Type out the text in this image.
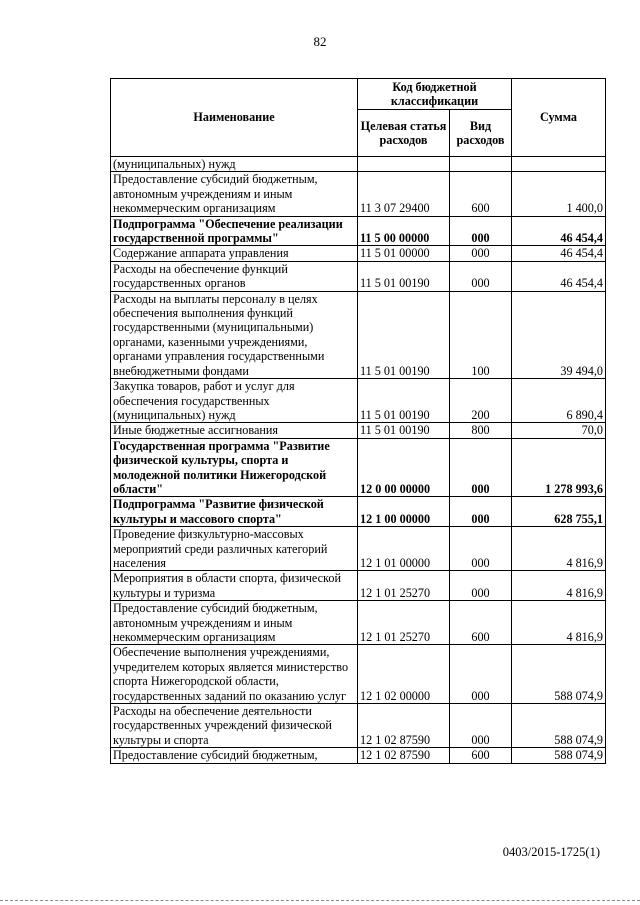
82
Наименование	Код бюджетной классификации		Сумма
	Целевая статья расходов	Вид расходов	
(муниципальных) нужд			
Предоставление субсидий бюджетным, автономным учреждениям и иным некоммерческим организациям	11 3 07 29400	600	1 400,0
Подпрограмма "Обеспечение реализации государственной программы"	11 5 00 00000	000	46 454,4
Содержание аппарата управления	11 5 01 00000	000	46 454,4
Расходы на обеспечение функций государственных органов	11 5 01 00190	000	46 454,4
Расходы на выплаты персоналу в целях обеспечения выполнения функций государственными (муниципальными) органами, казенными учреждениями, органами управления государственными внебюджетными фондами	11 5 01 00190	100	39 494,0
Закупка товаров, работ и услуг для обеспечения государственных (муниципальных) нужд	11 5 01 00190	200	6 890,4
Иные бюджетные ассигнования	11 5 01 00190	800	70,0
Государственная программа "Развитие физической культуры, спорта и молодежной политики Нижегородской области"	12 0 00 00000	000	1 278 993,6
Подпрограмма "Развитие физической культуры и массового спорта"	12 1 00 00000	000	628 755,1
Проведение физкультурно-массовых мероприятий среди различных категорий населения	12 1 01 00000	000	4 816,9
Мероприятия в области спорта, физической культуры и туризма	12 1 01 25270	000	4 816,9
Предоставление субсидий бюджетным, автономным учреждениям и иным некоммерческим организациям	12 1 01 25270	600	4 816,9
Обеспечение выполнения учреждениями, учредителем которых является министерство спорта Нижегородской области, государственных заданий по оказанию услуг	12 1 02 00000	000	588 074,9
Расходы на обеспечение деятельности государственных учреждений физической культуры и спорта	12 1 02 87590	000	588 074,9
Предоставление субсидий бюджетным,	12 1 02 87590	600	588 074,9
0403/2015-1725(1)
